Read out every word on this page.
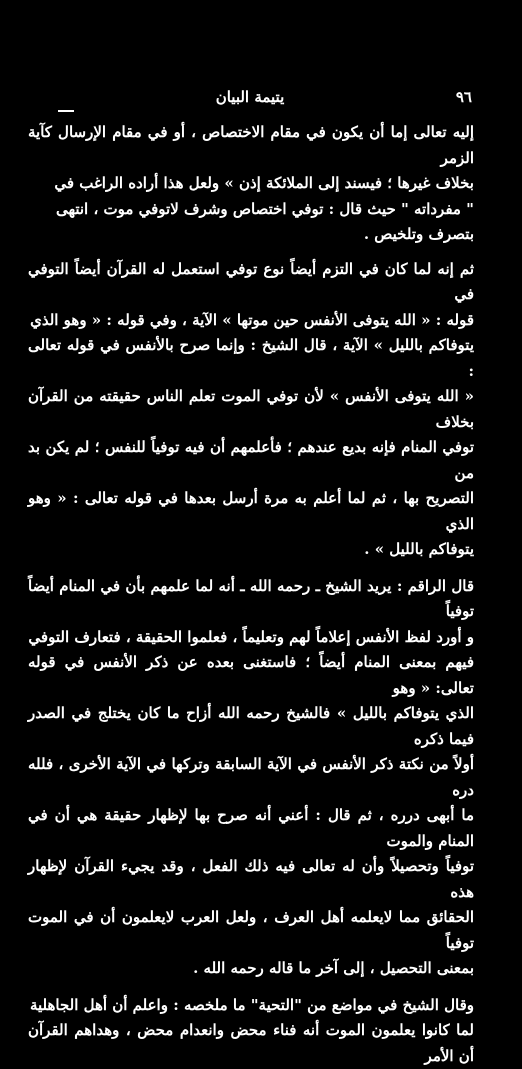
٩٦
يتيمة البيان

إليه تعالى إما أن يكون في مقام الاختصاص ، أو في مقام الإرسال كآية الزمر
بخلاف غيرها ؛ فيسند إلى الملائكة إذن » ولعل هذا أراده الراغب في
" مفرداته " حيث قال : توفي اختصاص وشرف لاتوفي موت ، انتهى
بتصرف وتلخيص .

ثم إنه لما كان في التزم أيضاً نوع توفي استعمل له القرآن أيضاً التوفي في
قوله : « الله يتوفى الأنفس حين موتها » الآية ، وفي قوله : « وهو الذي
يتوفاكم بالليل » الآية ، قال الشيخ : وإنما صرح بالأنفس في قوله تعالى :
« الله يتوفى الأنفس » لأن توفي الموت تعلم الناس حقيقته من القرآن بخلاف
توفي المنام فإنه بديع عندهم ؛ فأعلمهم أن فيه توفياً للنفس ؛ لم يكن بد من
التصريح بها ، ثم لما أعلم به مرة أرسل بعدها في قوله تعالى : « وهو الذي
يتوفاكم بالليل » .

قال الراقم : يريد الشيخ ـ رحمه الله ـ أنه لما علمهم بأن في المنام أيضاً توفياً
و أورد لفظ الأنفس إعلاماً لهم وتعليماً ، فعلموا الحقيقة ، فتعارف التوفي
فيهم بمعنى المنام أيضاً ؛ فاستغنى بعده عن ذكر الأنفس في قوله تعالى: « وهو
الذي يتوفاكم بالليل » فالشيخ رحمه الله أزاح ما كان يختلج في الصدر فيما ذكره
أولاً من نكتة ذكر الأنفس في الآية السابقة وتركها في الآية الأخرى ، فلله دره
ما أبهى درره ، ثم قال : أعني أنه صرح بها لإظهار حقيقة هي أن في المنام والموت
توفياً وتحصيلاً وأن له تعالى فيه ذلك الفعل ، وقد يجيء القرآن لإظهار هذه
الحقائق مما لايعلمه أهل العرف ، ولعل العرب لايعلمون أن في الموت توفياً
بمعنى التحصيل ، إلى آخر ما قاله رحمه الله .

وقال الشيخ في مواضع من "التحية" ما ملخصه : واعلم أن أهل الجاهلية
لما كانوا يعلمون الموت أنه فناء محض وانعدام محض ، وهداهم القرآن أن الأمر
